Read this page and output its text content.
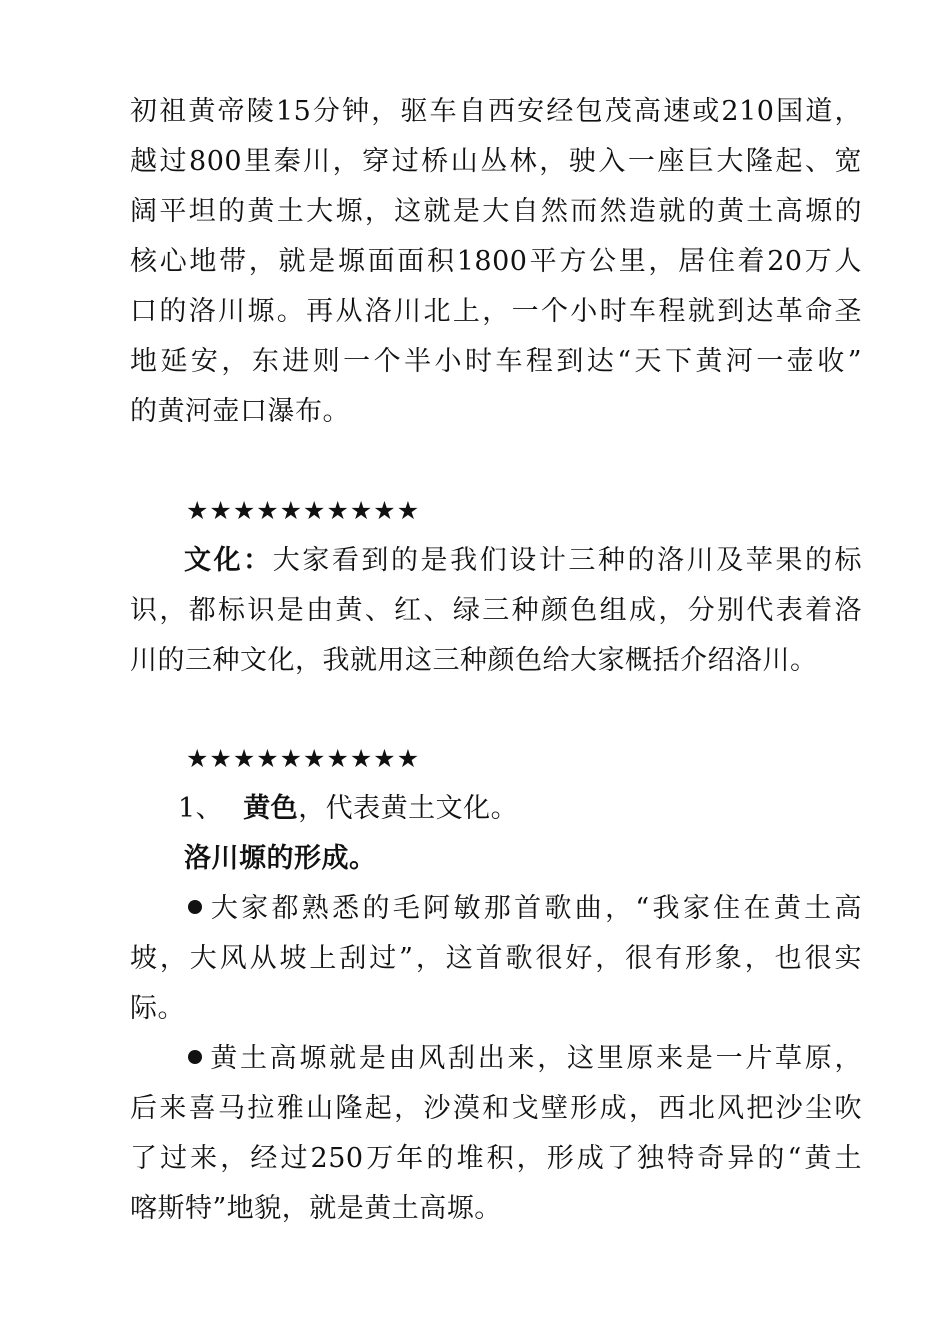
初祖黄帝陵15分钟，驱车自西安经包茂高速或210国道，
越过800里秦川，穿过桥山丛林，驶入一座巨大隆起、宽
阔平坦的黄土大塬，这就是大自然而然造就的黄土高塬的
核心地带，就是塬面面积1800平方公里，居住着20万人
口的洛川塬。再从洛川北上，一个小时车程就到达革命圣
地延安，东进则一个半小时车程到达“天下黄河一壶收”
的黄河壶口瀑布。
★★★★★★★★★★
文化：大家看到的是我们设计三种的洛川及苹果的标
识，都标识是由黄、红、绿三种颜色组成，分别代表着洛
川的三种文化，我就用这三种颜色给大家概括介绍洛川。
★★★★★★★★★★
1、 黄色，代表黄土文化。
洛川塬的形成。
大家都熟悉的毛阿敏那首歌曲，“我家住在黄土高
坡，大风从坡上刮过”，这首歌很好，很有形象，也很实
际。
黄土高塬就是由风刮出来，这里原来是一片草原，
后来喜马拉雅山隆起，沙漠和戈壁形成，西北风把沙尘吹
了过来，经过250万年的堆积，形成了独特奇异的“黄土
喀斯特”地貌，就是黄土高塬。
